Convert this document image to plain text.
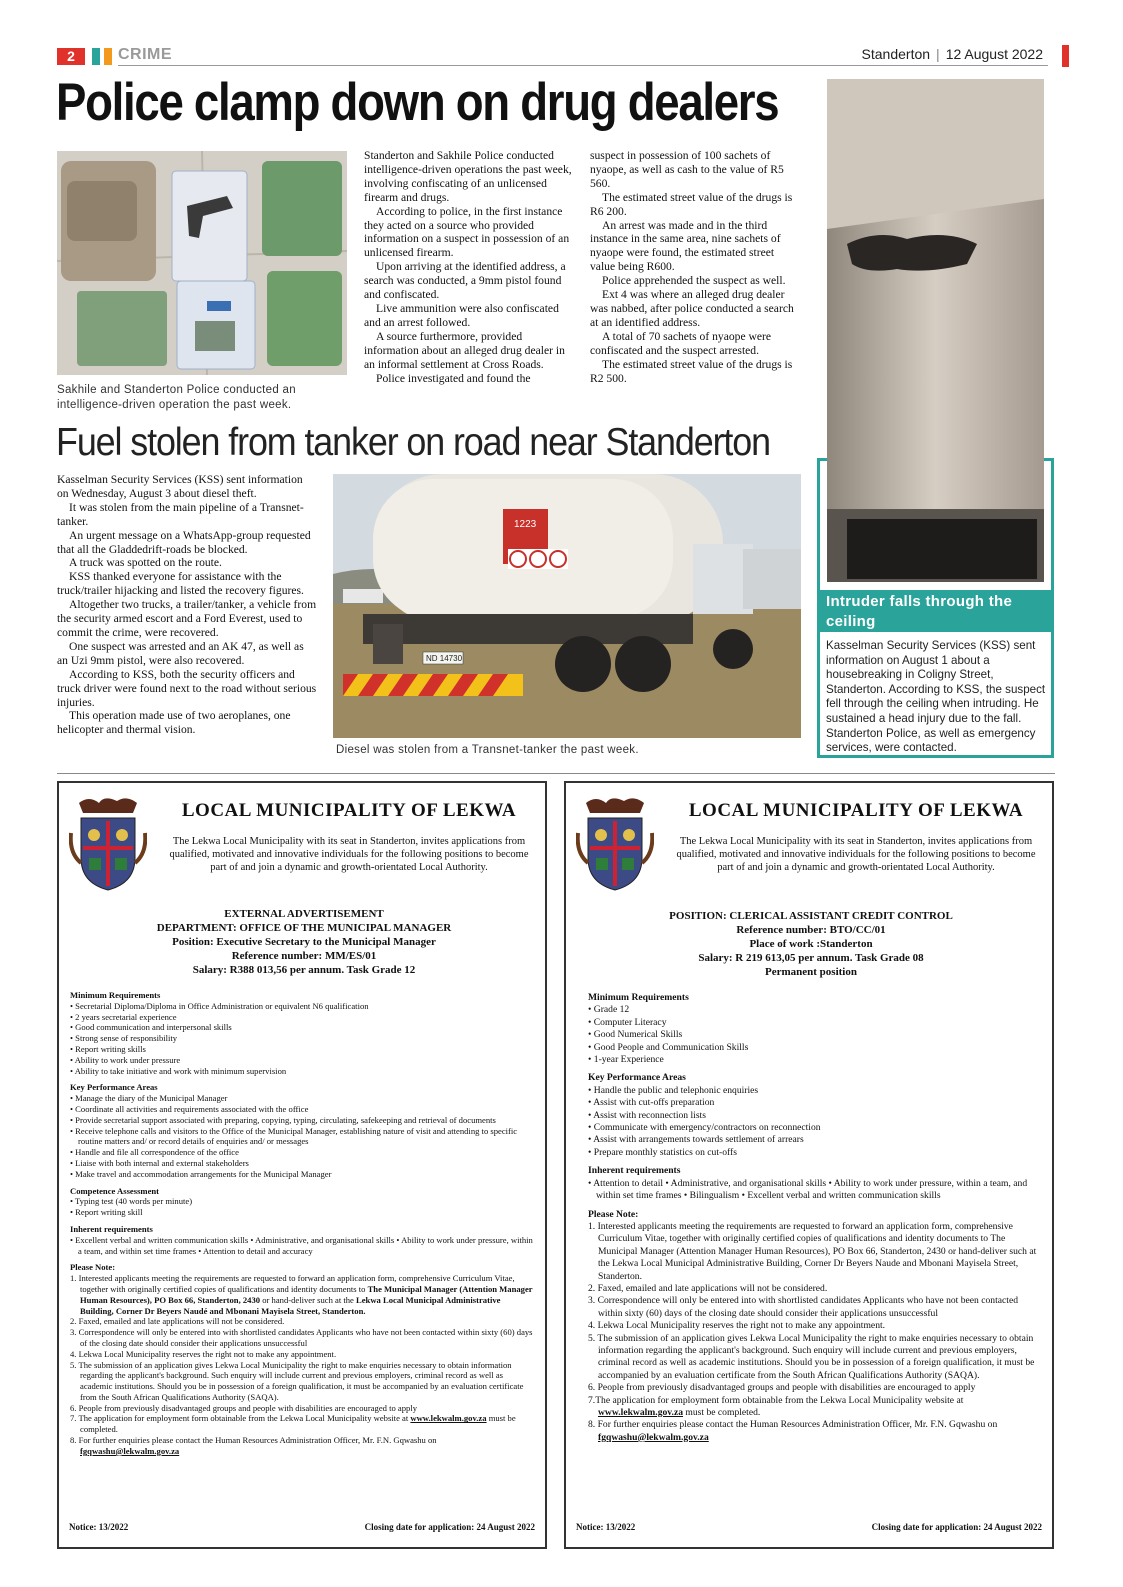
2	CRIME	Standerton | 12 August 2022
Police clamp down on drug dealers
Sakhile and Standerton Police conducted an intelligence-driven operation the past week.

Standerton and Sakhile Police conducted intelligence-driven operations the past week, involving confiscating of an unlicensed firearm and drugs.

According to police, in the first instance they acted on a source who provided information on a suspect in possession of an unlicensed firearm.

Upon arriving at the identified address, a search was conducted, a 9mm pistol found and confiscated.

Live ammunition were also confiscated and an arrest followed.

A source furthermore, provided information about an alleged drug dealer in an informal settlement at Cross Roads.

Police investigated and found the

suspect in possession of 100 sachets of nyaope, as well as cash to the value of R5 560.

The estimated street value of the drugs is R6 200.

An arrest was made and in the third instance in the same area, nine sachets of nyaope were found, the estimated street value being R600.

Police apprehended the suspect as well.

Ext 4 was where an alleged drug dealer was nabbed, after police conducted a search at an identified address.

A total of 70 sachets of nyaope were confiscated and the suspect arrested.

The estimated street value of the drugs is R2 500.

Intruder falls through the ceiling
Kasselman Security Services (KSS) sent information on August 1 about a housebreaking in Coligny Street, Standerton. According to KSS, the suspect fell through the ceiling when intruding. He sustained a head injury due to the fall. Standerton Police, as well as emergency services, were contacted.
Fuel stolen from tanker on road near Standerton

Kasselman Security Services (KSS) sent information on Wednesday, August 3 about diesel theft.

It was stolen from the main pipeline of a Transnet-tanker.

An urgent message on a WhatsApp-group requested that all the Gladdedrift-roads be blocked.

A truck was spotted on the route.

KSS thanked everyone for assistance with the truck/trailer hijacking and listed the recovery figures.

Altogether two trucks, a trailer/tanker, a vehicle from the security armed escort and a Ford Everest, used to commit the crime, were recovered.

One suspect was arrested and an AK 47, as well as an Uzi 9mm pistol, were also recovered.

According to KSS, both the security officers and truck driver were found next to the road without serious injuries.

This operation made use of two aeroplanes, one helicopter and thermal vision.

1223
ND 14730
Diesel was stolen from a Transnet-tanker the past week.
LOCAL MUNICIPALITY OF LEKWA
The Lekwa Local Municipality with its seat in Standerton, invites applications from qualified, motivated and innovative individuals for the following positions to become part of and join a dynamic and growth-orientated Local Authority.
EXTERNAL ADVERTISEMENT
DEPARTMENT: OFFICE OF THE MUNICIPAL MANAGER
Position: Executive Secretary to the Municipal Manager
Reference number: MM/ES/01
Salary: R388 013,56 per annum. Task Grade 12
Minimum Requirements
• Secretarial Diploma/Diploma in Office Administration or equivalent N6 qualification
• 2 years secretarial experience
• Good communication and interpersonal skills
• Strong sense of responsibility
• Report writing skills
• Ability to work under pressure
• Ability to take initiative and work with minimum supervision
Key Performance Areas
• Manage the diary of the Municipal Manager
• Coordinate all activities and requirements associated with the office
• Provide secretarial support associated with preparing, copying, typing, circulating, safekeeping and retrieval of documents
• Receive telephone calls and visitors to the Office of the Municipal Manager, establishing nature of visit and attending to specific routine matters and/ or record details of enquiries and/ or messages
• Handle and file all correspondence of the office
• Liaise with both internal and external stakeholders
• Make travel and accommodation arrangements for the Municipal Manager
Competence Assessment
• Typing test (40 words per minute)
• Report writing skill
Inherent requirements
• Excellent verbal and written communication skills • Administrative, and organisational skills • Ability to work under pressure, within a team, and within set time frames • Attention to detail and accuracy
Please Note:
1. Interested applicants meeting the requirements are requested to forward an application form, comprehensive Curriculum Vitae, together with originally certified copies of qualifications and identity documents to The Municipal Manager (Attention Manager Human Resources), PO Box 66, Standerton, 2430 or hand-deliver such at the Lekwa Local Municipal Administrative Building, Corner Dr Beyers Naudé and Mbonani Mayisela Street, Standerton.
2. Faxed, emailed and late applications will not be considered.
3. Correspondence will only be entered into with shortlisted candidates Applicants who have not been contacted within sixty (60) days of the closing date should consider their applications unsuccessful
4. Lekwa Local Municipality reserves the right not to make any appointment.
5. The submission of an application gives Lekwa Local Municipality the right to make enquiries necessary to obtain information regarding the applicant's background. Such enquiry will include current and previous employers, criminal record as well as academic institutions. Should you be in possession of a foreign qualification, it must be accompanied by an evaluation certificate from the South African Qualifications Authority (SAQA).
6. People from previously disadvantaged groups and people with disabilities are encouraged to apply
7. The application for employment form obtainable from the Lekwa Local Municipality website at www.lekwalm.gov.za must be completed.
8. For further enquiries please contact the Human Resources Administration Officer, Mr. F.N. Gqwashu on fgqwashu@lekwalm.gov.za
Notice: 13/2022	Closing date for application: 24 August 2022
LOCAL MUNICIPALITY OF LEKWA
The Lekwa Local Municipality with its seat in Standerton, invites applications from qualified, motivated and innovative individuals for the following positions to become part of and join a dynamic and growth-orientated Local Authority.
POSITION: CLERICAL ASSISTANT CREDIT CONTROL
Reference number: BTO/CC/01
Place of work :Standerton
Salary: R 219 613,05 per annum. Task Grade 08
Permanent position
Minimum Requirements
• Grade 12
• Computer Literacy
• Good Numerical Skills
• Good People and Communication Skills
• 1-year Experience
Key Performance Areas
• Handle the public and telephonic enquiries
• Assist with cut-offs preparation
• Assist with reconnection lists
• Communicate with emergency/contractors on reconnection
• Assist with arrangements towards settlement of arrears
• Prepare monthly statistics on cut-offs
Inherent requirements
• Attention to detail • Administrative, and organisational skills • Ability to work under pressure, within a team, and within set time frames • Bilingualism • Excellent verbal and written communication skills
Please Note:
1. Interested applicants meeting the requirements are requested to forward an application form, comprehensive Curriculum Vitae, together with originally certified copies of qualifications and identity documents to The Municipal Manager (Attention Manager Human Resources), PO Box 66, Standerton, 2430 or hand-deliver such at the Lekwa Local Municipal Administrative Building, Corner Dr Beyers Naude and Mbonani Mayisela Street, Standerton.
2. Faxed, emailed and late applications will not be considered.
3. Correspondence will only be entered into with shortlisted candidates Applicants who have not been contacted within sixty (60) days of the closing date should consider their applications unsuccessful
4. Lekwa Local Municipality reserves the right not to make any appointment.
5. The submission of an application gives Lekwa Local Municipality the right to make enquiries necessary to obtain information regarding the applicant's background. Such enquiry will include current and previous employers, criminal record as well as academic institutions. Should you be in possession of a foreign qualification, it must be accompanied by an evaluation certificate from the South African Qualifications Authority (SAQA).
6. People from previously disadvantaged groups and people with disabilities are encouraged to apply
7.The application for employment form obtainable from the Lekwa Local Municipality website at www.lekwalm.gov.za must be completed.
8. For further enquiries please contact the Human Resources Administration Officer, Mr. F.N. Gqwashu on fgqwashu@lekwalm.gov.za
Notice: 13/2022	Closing date for application: 24 August 2022
